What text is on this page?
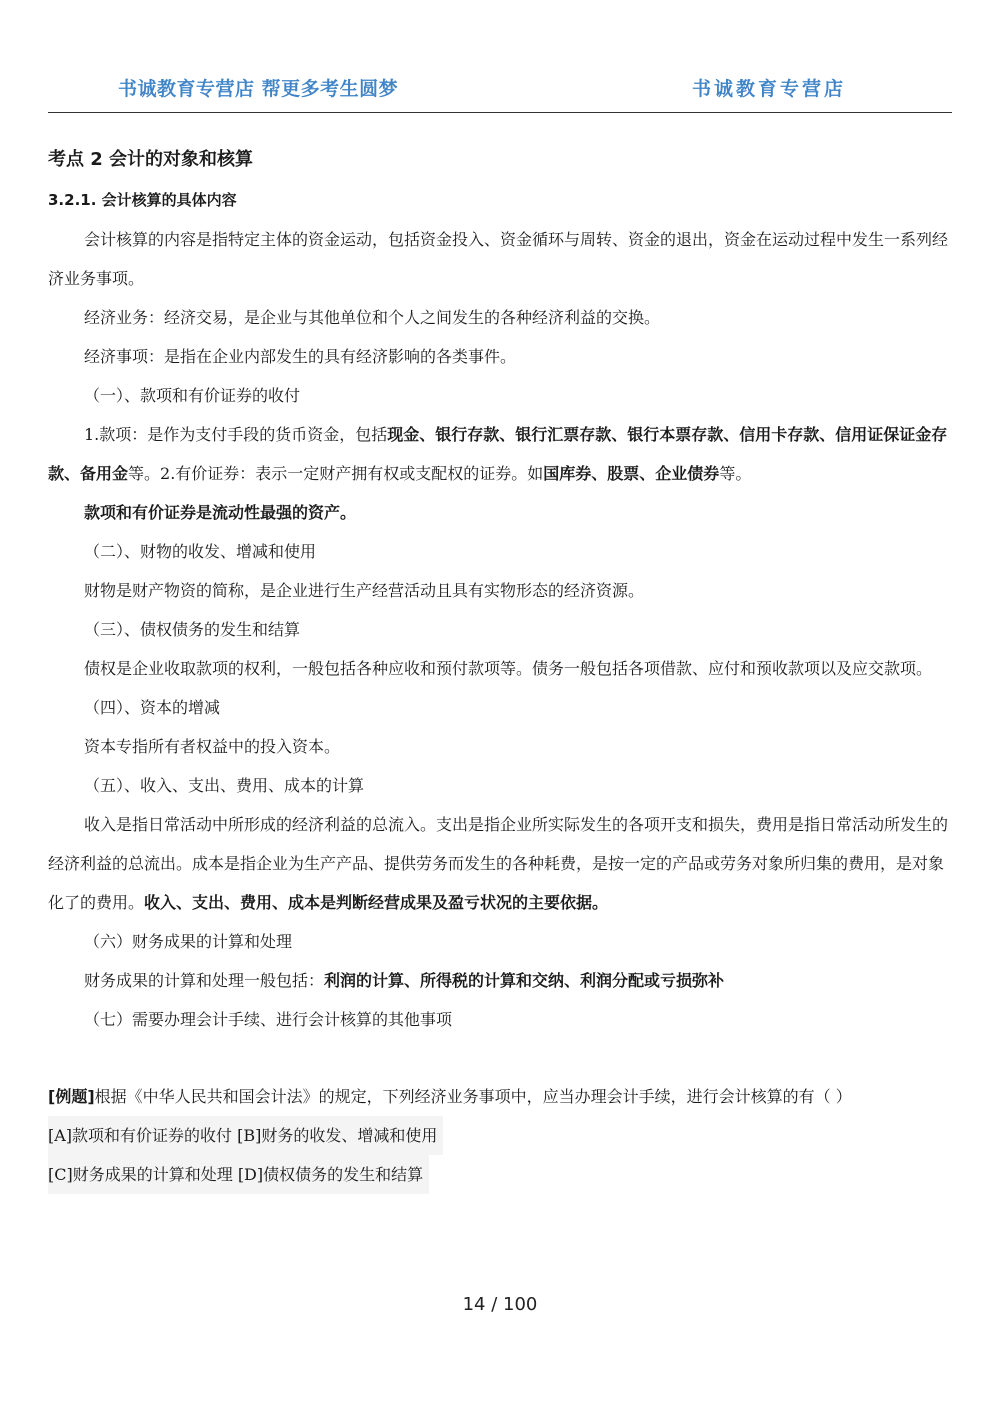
书诚教育专营店 帮更多考生圆梦	书诚教育专营店
考点 2 会计的对象和核算
3.2.1. 会计核算的具体内容

会计核算的内容是指特定主体的资金运动，包括资金投入、资金循环与周转、资金的退出，资金在运动过程中发生一系列经济业务事项。

经济业务：经济交易，是企业与其他单位和个人之间发生的各种经济利益的交换。

经济事项：是指在企业内部发生的具有经济影响的各类事件。

（一）、款项和有价证券的收付

1.款项：是作为支付手段的货币资金，包括现金、银行存款、银行汇票存款、银行本票存款、信用卡存款、信用证保证金存款、备用金等。2.有价证券：表示一定财产拥有权或支配权的证券。如国库券、股票、企业债券等。

款项和有价证券是流动性最强的资产。

（二）、财物的收发、增减和使用

财物是财产物资的简称，是企业进行生产经营活动且具有实物形态的经济资源。

（三）、债权债务的发生和结算

债权是企业收取款项的权利，一般包括各种应收和预付款项等。债务一般包括各项借款、应付和预收款项以及应交款项。

（四）、资本的增减

资本专指所有者权益中的投入资本。

（五）、收入、支出、费用、成本的计算

收入是指日常活动中所形成的经济利益的总流入。支出是指企业所实际发生的各项开支和损失，费用是指日常活动所发生的经济利益的总流出。成本是指企业为生产产品、提供劳务而发生的各种耗费，是按一定的产品或劳务对象所归集的费用，是对象化了的费用。收入、支出、费用、成本是判断经营成果及盈亏状况的主要依据。

（六）财务成果的计算和处理

财务成果的计算和处理一般包括：利润的计算、所得税的计算和交纳、利润分配或亏损弥补

（七）需要办理会计手续、进行会计核算的其他事项

[例题]根据《中华人民共和国会计法》的规定，下列经济业务事项中，应当办理会计手续，进行会计核算的有（ ）

[A]款项和有价证券的收付 [B]财务的收发、增减和使用

[C]财务成果的计算和处理 [D]债权债务的发生和结算

14 / 100
